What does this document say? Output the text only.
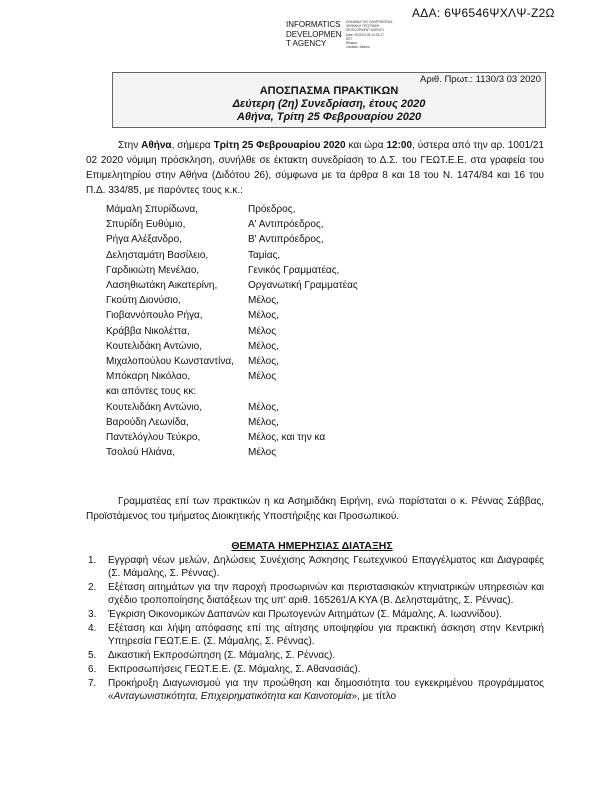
ΑΔΑ: 6Ψ6546ΨΧΛΨ-Ζ2Ω
INFORMATICS
DEVELOPMEN
T AGENCY
ΚΟΙΝΩΝΙΑ ΤΗΣ ΠΛΗΡΟΦΟΡΙΑΣ
ΨΗΦΙΑΚΗ ΥΠΟΓΡΑΦΗ
DEVELOPMENT AGENCY
Date: 2020.03.05 10:15:17
EET
Reason:
Location: Athens
Αριθ. Πρωτ.: 1130/3 03 2020
ΑΠΟΣΠΑΣΜΑ ΠΡΑΚΤΙΚΩΝ
Δεύτερη (2η) Συνεδρίαση, έτους 2020
Αθήνα, Τρίτη 25 Φεβρουαρίου 2020
Στην Αθήνα, σήμερα Τρίτη 25 Φεβρουαρίου 2020 και ώρα 12:00, ύστερα από την αρ. 1001/21 02 2020 νόμιμη πρόσκληση, συνήλθε σε έκτακτη συνεδρίαση το Δ.Σ. του ΓΕΩΤ.Ε.Ε. στα γραφεία του Επιμελητηρίου στην Αθήνα (Διδότου 26), σύμφωνα με τα άρθρα 8 και 18 του Ν. 1474/84 και 16 του Π.Δ. 334/85, με παρόντες τους κ.κ.:
Μάμαλη Σπυρίδωνα,	Πρόεδρος,
Σπυρίδη Ευθύμιο,	Α' Αντιπρόεδρος,
Ρήγα Αλέξανδρο,	Β' Αντιπρόεδρος,
Δελησταμάτη Βασίλειο,	Ταμίας,
Γαρδικιώτη Μενέλαο,	Γενικός Γραμματέας,
Λασηθιωτάκη Αικατερίνη,	Οργανωτική Γραμματέας
Γκούτη Διονύσιο,	Μέλος,
Γιοβαννόπουλο Ρήγα,	Μέλος,
Κράββα Νικολέττα,	Μέλος
Κουτελιδάκη Αντώνιο,	Μέλος,
Μιχαλοπούλου Κωνσταντίνα, Μέλος,
Μπόκαρη Νικόλαο,	Μέλος
και απόντες τους κκ:
Κουτελιδάκη Αντώνιο,	Μέλος,
Βαρούδη Λεωνίδα,	Μέλος,
Παντελόγλου Τεύκρο,	Μέλος, και την κα
Τσολού Ηλιάνα,	Μέλος
Γραμματέας επί των πρακτικών η κα Ασημιδάκη Ειρήνη, ενώ παρίσταται ο κ. Ρέννας Σάββας, Προϊστάμενος του τμήματος Διοικητικής Υποστήριξης και Προσωπικού.
ΘΕΜΑΤΑ ΗΜΕΡΗΣΙΑΣ ΔΙΑΤΑΞΗΣ
1. Εγγραφή νέων μελών, Δηλώσεις Συνέχισης Άσκησης Γεωτεχνικού Επαγγέλματος και Διαγραφές (Σ. Μάμαλης, Σ. Ρέννας).
2. Εξέταση αιτημάτων για την παροχή προσωρινών και περιστασιακών κτηνιατρικών υπηρεσιών και σχέδιο τροποποίησης διατάξεων της υπ' αριθ. 165261/Α ΚΥΑ (Β. Δελησταμάτης, Σ. Ρέννας).
3. Έγκριση Οικονομικών Δαπανών και Πρωτογενών Αιτημάτων (Σ. Μάμαλης, Α. Ιωαννίδου).
4. Εξέταση και λήψη απόφασης επί της αίτησης υποψηφίου για πρακτική άσκηση στην Κεντρική Υπηρεσία ΓΕΩΤ.Ε.Ε. (Σ. Μάμαλης, Σ. Ρέννας).
5. Δικαστική Εκπροσώπηση (Σ. Μάμαλης, Σ. Ρέννας).
6. Εκπροσωπήσεις ΓΕΩΤ.Ε.Ε. (Σ. Μάμαλης, Σ. Αθανασιάς).
7. Προκήρυξη Διαγωνισμού για την προώθηση και δημοσιότητα του εγκεκριμένου προγράμματος «Ανταγωνιστικότητα, Επιχειρηματικότητα και Καινοτομία», με τίτλο
